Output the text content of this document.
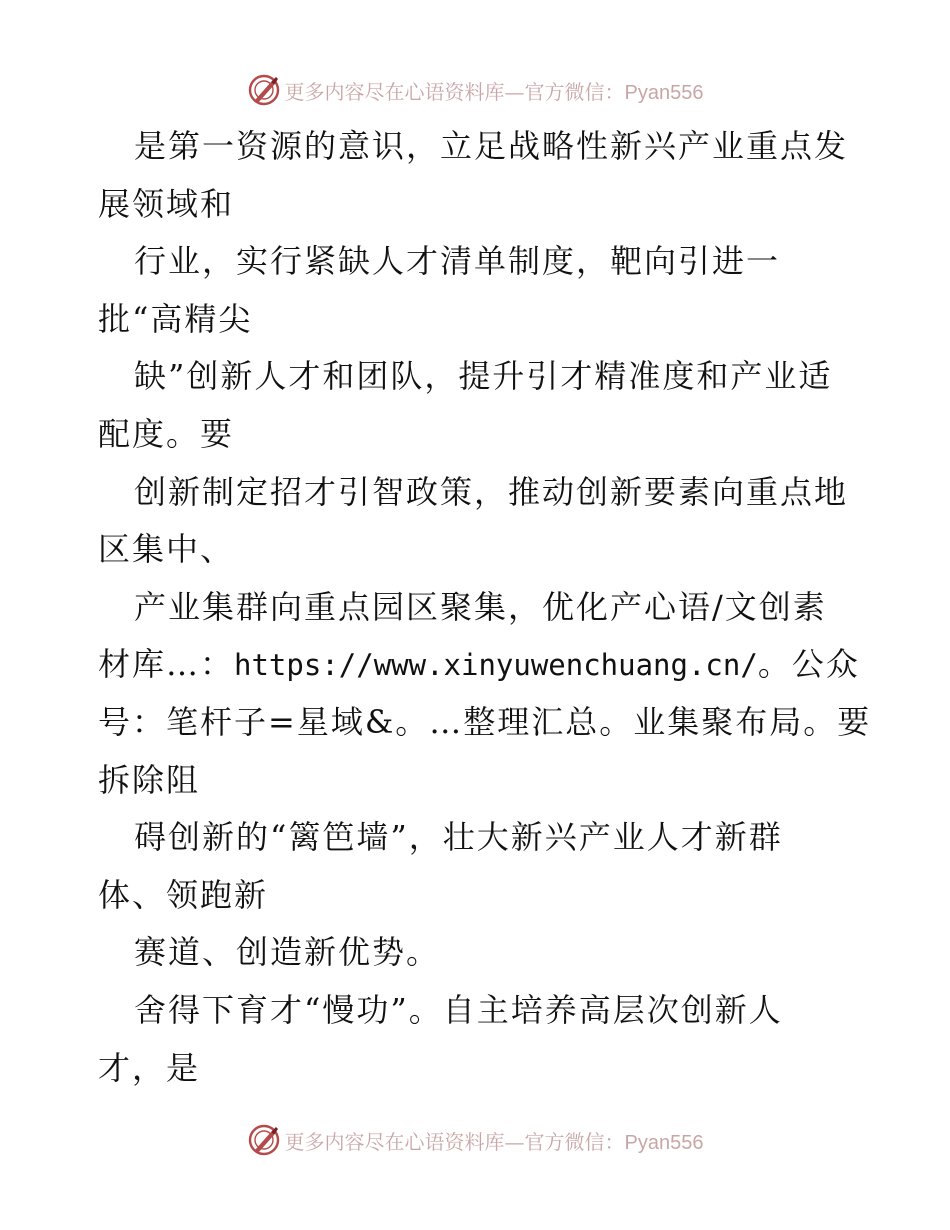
更多内容尽在心语资料库—官方微信：Pyan556
是第一资源的意识，立足战略性新兴产业重点发
展领域和
行业，实行紧缺人才清单制度，靶向引进一
批“高精尖
缺”创新人才和团队，提升引才精准度和产业适
配度。要
创新制定招才引智政策，推动创新要素向重点地
区集中、
产业集群向重点园区聚集，优化产心语/文创素
材库…：https://www.xinyuwenchuang.cn/。公众
号：笔杆子=星域&。…整理汇总。业集聚布局。要
拆除阻
碍创新的“篱笆墙”，壮大新兴产业人才新群
体、领跑新
赛道、创造新优势。
舍得下育才“慢功”。自主培养高层次创新人
才，是
更多内容尽在心语资料库—官方微信：Pyan556
